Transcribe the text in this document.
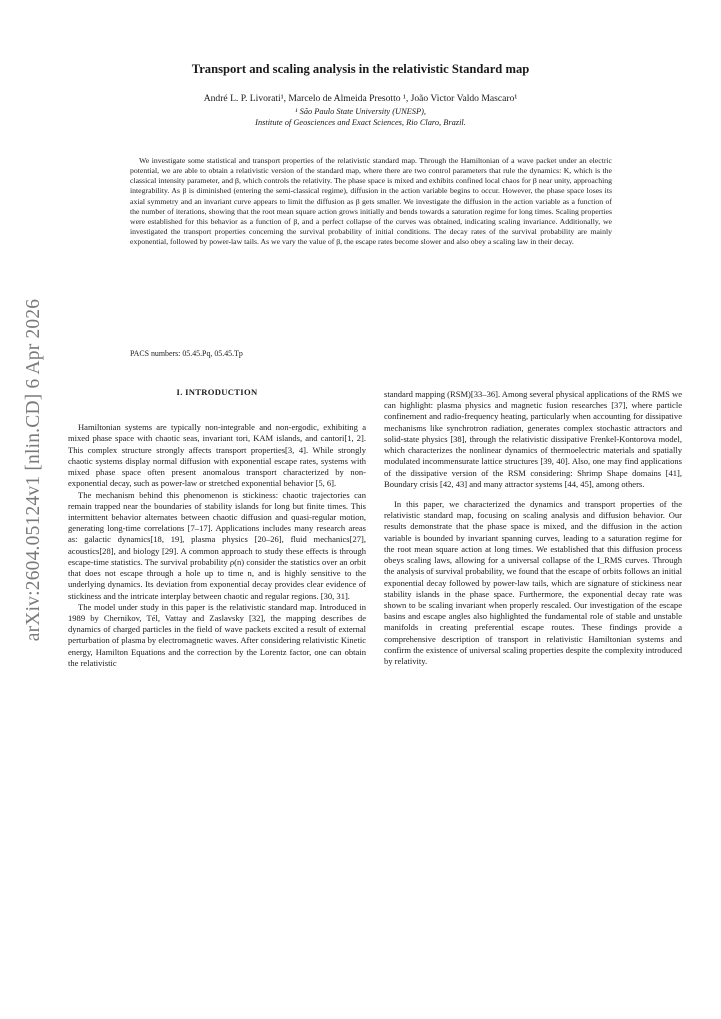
arXiv:2604.05124v1 [nlin.CD] 6 Apr 2026
Transport and scaling analysis in the relativistic Standard map
André L. P. Livorati¹, Marcelo de Almeida Presotto ¹, João Victor Valdo Mascaro¹
¹ São Paulo State University (UNESP),
Institute of Geosciences and Exact Sciences, Rio Claro, Brazil.

We investigate some statistical and transport properties of the relativistic standard map. Through the Hamiltonian of a wave packet under an electric potential, we are able to obtain a relativistic version of the standard map, where there are two control parameters that rule the dynamics: K, which is the classical intensity parameter, and β, which controls the relativity. The phase space is mixed and exhibits confined local chaos for β near unity, approaching integrability. As β is diminished (entering the semi-classical regime), diffusion in the action variable begins to occur. However, the phase space loses its axial symmetry and an invariant curve appears to limit the diffusion as β gets smaller. We investigate the diffusion in the action variable as a function of the number of iterations, showing that the root mean square action grows initially and bends towards a saturation regime for long times. Scaling properties were established for this behavior as a function of β, and a perfect collapse of the curves was obtained, indicating scaling invariance. Additionally, we investigated the transport properties concerning the survival probability of initial conditions. The decay rates of the survival probability are mainly exponential, followed by power-law tails. As we vary the value of β, the escape rates become slower and also obey a scaling law in their decay.

PACS numbers: 05.45.Pq, 05.45.Tp
I. INTRODUCTION

Hamiltonian systems are typically non-integrable and non-ergodic, exhibiting a mixed phase space with chaotic seas, invariant tori, KAM islands, and cantori[1, 2]. This complex structure strongly affects transport properties[3, 4]. While strongly chaotic systems display normal diffusion with exponential escape rates, systems with mixed phase space often present anomalous transport characterized by non-exponential decay, such as power-law or stretched exponential behavior [5, 6].

The mechanism behind this phenomenon is stickiness: chaotic trajectories can remain trapped near the boundaries of stability islands for long but finite times. This intermittent behavior alternates between chaotic diffusion and quasi-regular motion, generating long-time correlations [7–17]. Applications includes many research areas as: galactic dynamics[18, 19], plasma physics [20–26], fluid mechanics[27], acoustics[28], and biology [29]. A common approach to study these effects is through escape-time statistics. The survival probability ρ(n) consider the statistics over an orbit that does not escape through a hole up to time n, and is highly sensitive to the underlying dynamics. Its deviation from exponential decay provides clear evidence of stickiness and the intricate interplay between chaotic and regular regions. [30, 31].

The model under study in this paper is the relativistic standard map. Introduced in 1989 by Chernikov, Tél, Vattay and Zaslavsky [32], the mapping describes de dynamics of charged particles in the field of wave packets excited a result of external perturbation of plasma by electromagnetic waves. After considering relativistic Kinetic energy, Hamilton Equations and the correction by the Lorentz factor, one can obtain the relativistic

standard mapping (RSM)[33–36]. Among several physical applications of the RMS we can highlight: plasma physics and magnetic fusion researches [37], where particle confinement and radio-frequency heating, particularly when accounting for dissipative mechanisms like synchrotron radiation, generates complex stochastic attractors and solid-state physics [38], through the relativistic dissipative Frenkel-Kontorova model, which characterizes the nonlinear dynamics of thermoelectric materials and spatially modulated incommensurate lattice structures [39, 40]. Also, one may find applications of the dissipative version of the RSM considering: Shrimp Shape domains [41], Boundary crisis [42, 43] and many attractor systems [44, 45], among others.

In this paper, we characterized the dynamics and transport properties of the relativistic standard map, focusing on scaling analysis and diffusion behavior. Our results demonstrate that the phase space is mixed, and the diffusion in the action variable is bounded by invariant spanning curves, leading to a saturation regime for the root mean square action at long times. We established that this diffusion process obeys scaling laws, allowing for a universal collapse of the I_RMS curves. Through the analysis of survival probability, we found that the escape of orbits follows an initial exponential decay followed by power-law tails, which are signature of stickiness near stability islands in the phase space. Furthermore, the exponential decay rate was shown to be scaling invariant when properly rescaled. Our investigation of the escape basins and escape angles also highlighted the fundamental role of stable and unstable manifolds in creating preferential escape routes. These findings provide a comprehensive description of transport in relativistic Hamiltonian systems and confirm the existence of universal scaling properties despite the complexity introduced by relativity.
